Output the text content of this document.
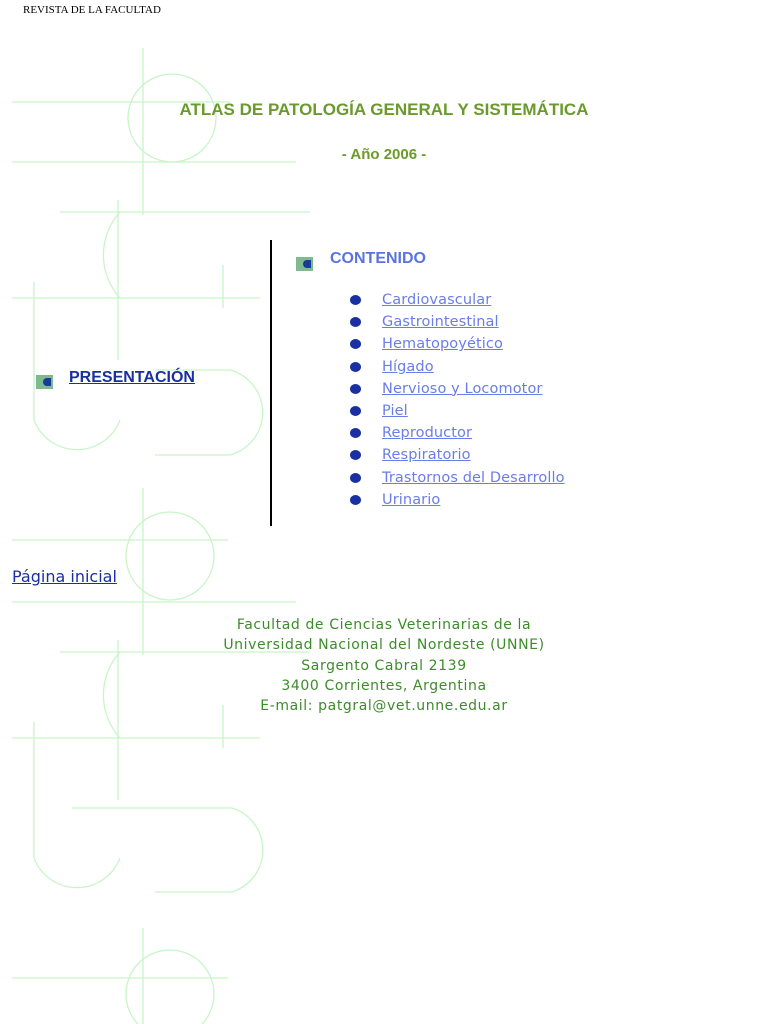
REVISTA DE LA FACULTAD
ATLAS DE PATOLOGÍA GENERAL Y SISTEMÁTICA
- Año 2006 -
CONTENIDO
Cardiovascular
Gastrointestinal
Hematopoyético
Hígado
Nervioso y Locomotor
Piel
Reproductor
Respiratorio
Trastornos del Desarrollo
Urinario
PRESENTACIÓN
Página inicial
Facultad de Ciencias Veterinarias de la
Universidad Nacional del Nordeste (UNNE)
Sargento Cabral 2139
3400 Corrientes, Argentina
E-mail: patgral@vet.unne.edu.ar
